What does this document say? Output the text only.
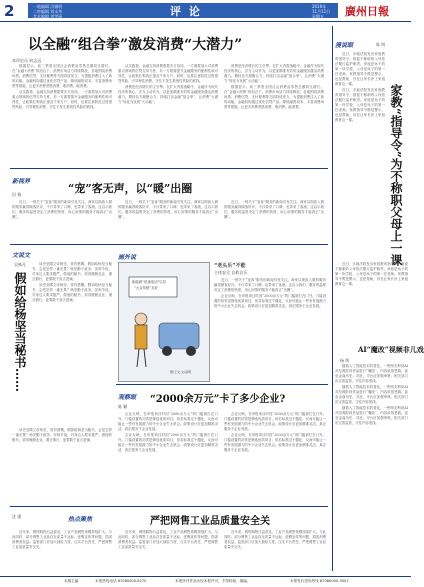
2	一地编辑 冯锡明
二审编辑 刘永华
美术编辑 刘雪丽	评 论	2016年
11月11日
星期五	廣州日報
以全融“组合拳”激发消费“大潜力”
本评论员 何志远

数据显示，前三季度全国社会消费品零售总额同比增长。在“金融+消费”的组合下，消费市场活力持续释放，各地围绕消费场景、消费信贷、支付便利等方面持续发力，为提振消费注入了新的动能。金融机构通过优化信贷产品、降低融资成本、丰富消费场景等措施，让更多消费者愿消费、敢消费、能消费。

从实践看，金融支持消费需要多方协同。一方面要加大对消费重点领域的信贷支持力度，另一方面要提升金融服务的便利性和可得性，让政策红利真正惠及千家万户。同时，也要注意防范过度借贷风险，引导理性消费，守住不发生系统性风险的底线。

从实践看，金融支持消费需要多方协同。一方面要加大对消费重点领域的信贷支持力度，另一方面要提升金融服务的便利性和可得性，让政策红利真正惠及千家万户。同时，也要注意防范过度借贷风险，引导理性消费，守住不发生系统性风险的底线。

消费是经济增长的主引擎。在扩大内需战略中，金融作为现代经济的核心，应当主动作为，以更加精准有效的金融服务激活消费潜力。期待各方凝聚合力，持续打出金融“组合拳”，让消费“大潜力”转化为发展“大动能”。

消费是经济增长的主引擎。在扩大内需战略中，金融作为现代经济的核心，应当主动作为，以更加精准有效的金融服务激活消费潜力。期待各方凝聚合力，持续打出金融“组合拳”，让消费“大潜力”转化为发展“大动能”。

数据显示，前三季度全国社会消费品零售总额同比增长。在“金融+消费”的组合下，消费市场活力持续释放，各地围绕消费场景、消费信贷、支付便利等方面持续发力，为提振消费注入了新的动能。金融机构通过优化信贷产品、降低融资成本、丰富消费场景等措施，让更多消费者愿消费、敢消费、能消费。

漫说眼	陈 明
家教“指导令”为不称职父母上一课

近日，多地法院发出家庭教育指导令，督促不称职的父母依法履行监护职责。家庭是孩子的第一所学校，父母是孩子的第一任老师。家教指导令既是警示，也是帮助，旨在让家长补上家庭教育这一课。

近日，多地法院发出家庭教育指导令，督促不称职的父母依法履行监护职责。家庭是孩子的第一所学校，父母是孩子的第一任老师。家教指导令既是警示，也是帮助，旨在让家长补上家庭教育这一课。

近日，多地法院发出家庭教育指导令，督促不称职的父母依法履行监护职责。家庭是孩子的第一所学校，父母是孩子的第一任老师。家教指导令既是警示，也是帮助，旨在让家长补上家庭教育这一课。

AI“魔改”视频非儿戏
杨 鸣

随着人工智能技术的普及，一些网友利用AI对经典影视作品进行“魔改”，内容低俗恶搞，甚至歪曲历史。对此，平台应加强审核，相关部门应完善监管，守住内容底线。

随着人工智能技术的普及，一些网友利用AI对经典影视作品进行“魔改”，内容低俗恶搞，甚至歪曲历史。对此，平台应加强审核，相关部门应完善监管，守住内容底线。

随着人工智能技术的普及，一些网友利用AI对经典影视作品进行“魔改”，内容低俗恶搞，甚至歪曲历史。对此，平台应加强审核，相关部门应完善监管，守住内容底线。

新视界
田 杨	“宠”客无声，以“暖”出圈

近日，一则关于“宠客”服务的新闻引发关注。商家以细致入微的服务赢得顾客好评，不仅带来了口碑，也带来了客流。这启示我们，服务的温度决定了消费的热度，用心用情的服务才能真正“出圈”。

近日，一则关于“宠客”服务的新闻引发关注。商家以细致入微的服务赢得顾客好评，不仅带来了口碑，也带来了客流。这启示我们，服务的温度决定了消费的热度，用心用情的服务才能真正“出圈”。

近日，一则关于“宠客”服务的新闻引发关注。商家以细致入微的服务赢得顾客好评，不仅带来了口碑，也带来了客流。这启示我们，服务的温度决定了消费的热度，用心用情的服务才能真正“出圈”。

文说文
吴林凡
假如给杨坚当秘书……

读史至隋文帝杨坚，常有感慨。假如给杨坚当秘书，会是怎样一番光景？杨坚勤于政务，崇尚节俭，对身边人要求极严。做他的秘书，须得兢兢业业、谨言慎行，更要敢于直言进谏。

读史至隋文帝杨坚，常有感慨。假如给杨坚当秘书，会是怎样一番光景？杨坚勤于政务，崇尚节俭，对身边人要求极严。做他的秘书，须得兢兢业业、谨言慎行，更要敢于直言进谏。

读史至隋文帝杨坚，常有感慨。假如给杨坚当秘书，会是怎样一番光景？杨坚勤于政务，崇尚节俭，对身边人要求极严。做他的秘书，须得兢兢业业、谨言慎行，更要敢于直言进谏。

画外说
新能源“低速电动”以旧
“大众驾驶”友好
图/王文 文/高明
“老头乐”不能
主体安全 自救自乐

近日，一则关于“宠客”服务的新闻引发关注。商家以细致入微的服务赢得顾客好评，不仅带来了口碑，也带来了客流。这启示我们，服务的温度决定了消费的热度，用心用情的服务才能真正“出圈”。

企业反映，在申报项目时因“2000余万元”的门槛被拦在门外。门槛设置的初衷是筛选优质项目，但若标准过于僵化，反而可能让一些有发展潜力的中小企业失去机会。政策设计应更加精准灵活，真正服务于企业发展。

观察眼
陈 颖
“2000余万元”卡了多少企业?

企业反映，在申报项目时因“2000余万元”的门槛被拦在门外。门槛设置的初衷是筛选优质项目，但若标准过于僵化，反而可能让一些有发展潜力的中小企业失去机会。政策设计应更加精准灵活，真正服务于企业发展。

企业反映，在申报项目时因“2000余万元”的门槛被拦在门外。门槛设置的初衷是筛选优质项目，但若标准过于僵化，反而可能让一些有发展潜力的中小企业失去机会。政策设计应更加精准灵活，真正服务于企业发展。

企业反映，在申报项目时因“2000余万元”的门槛被拦在门外。门槛设置的初衷是筛选优质项目，但若标准过于僵化，反而可能让一些有发展潜力的中小企业失去机会。政策设计应更加精准灵活，真正服务于企业发展。

企业反映，在申报项目时因“2000余万元”的门槛被拦在门外。门槛设置的初衷是筛选优质项目，但若标准过于僵化，反而可能让一些有发展潜力的中小企业失去机会。政策设计应更加精准灵活，真正服务于企业发展。

热点聚焦	严把网售工业品质量安全关
沈 强

近年来，网络购物日益普及，工业产品网售规模持续扩大。与此同时，部分网售工业品存在质量不达标、虚假宣传等问题，损害消费者权益。监管部门应加大抽检力度，压实平台责任，严把网售工业品质量安全关。

近年来，网络购物日益普及，工业产品网售规模持续扩大。与此同时，部分网售工业品存在质量不达标、虚假宣传等问题，损害消费者权益。监管部门应加大抽检力度，压实平台责任，严把网售工业品质量安全关。

近年来，网络购物日益普及，工业产品网售规模持续扩大。与此同时，部分网售工业品存在质量不达标、虚假宣传等问题，损害消费者权益。监管部门应加大抽检力度，压实平台责任，严把网售工业品质量安全关。

本版主编	本报热线电话 87080000-8270	本报所刊作品未经本报许可，不得转载、摘编。	本报发行投诉热线 87080000-3001
